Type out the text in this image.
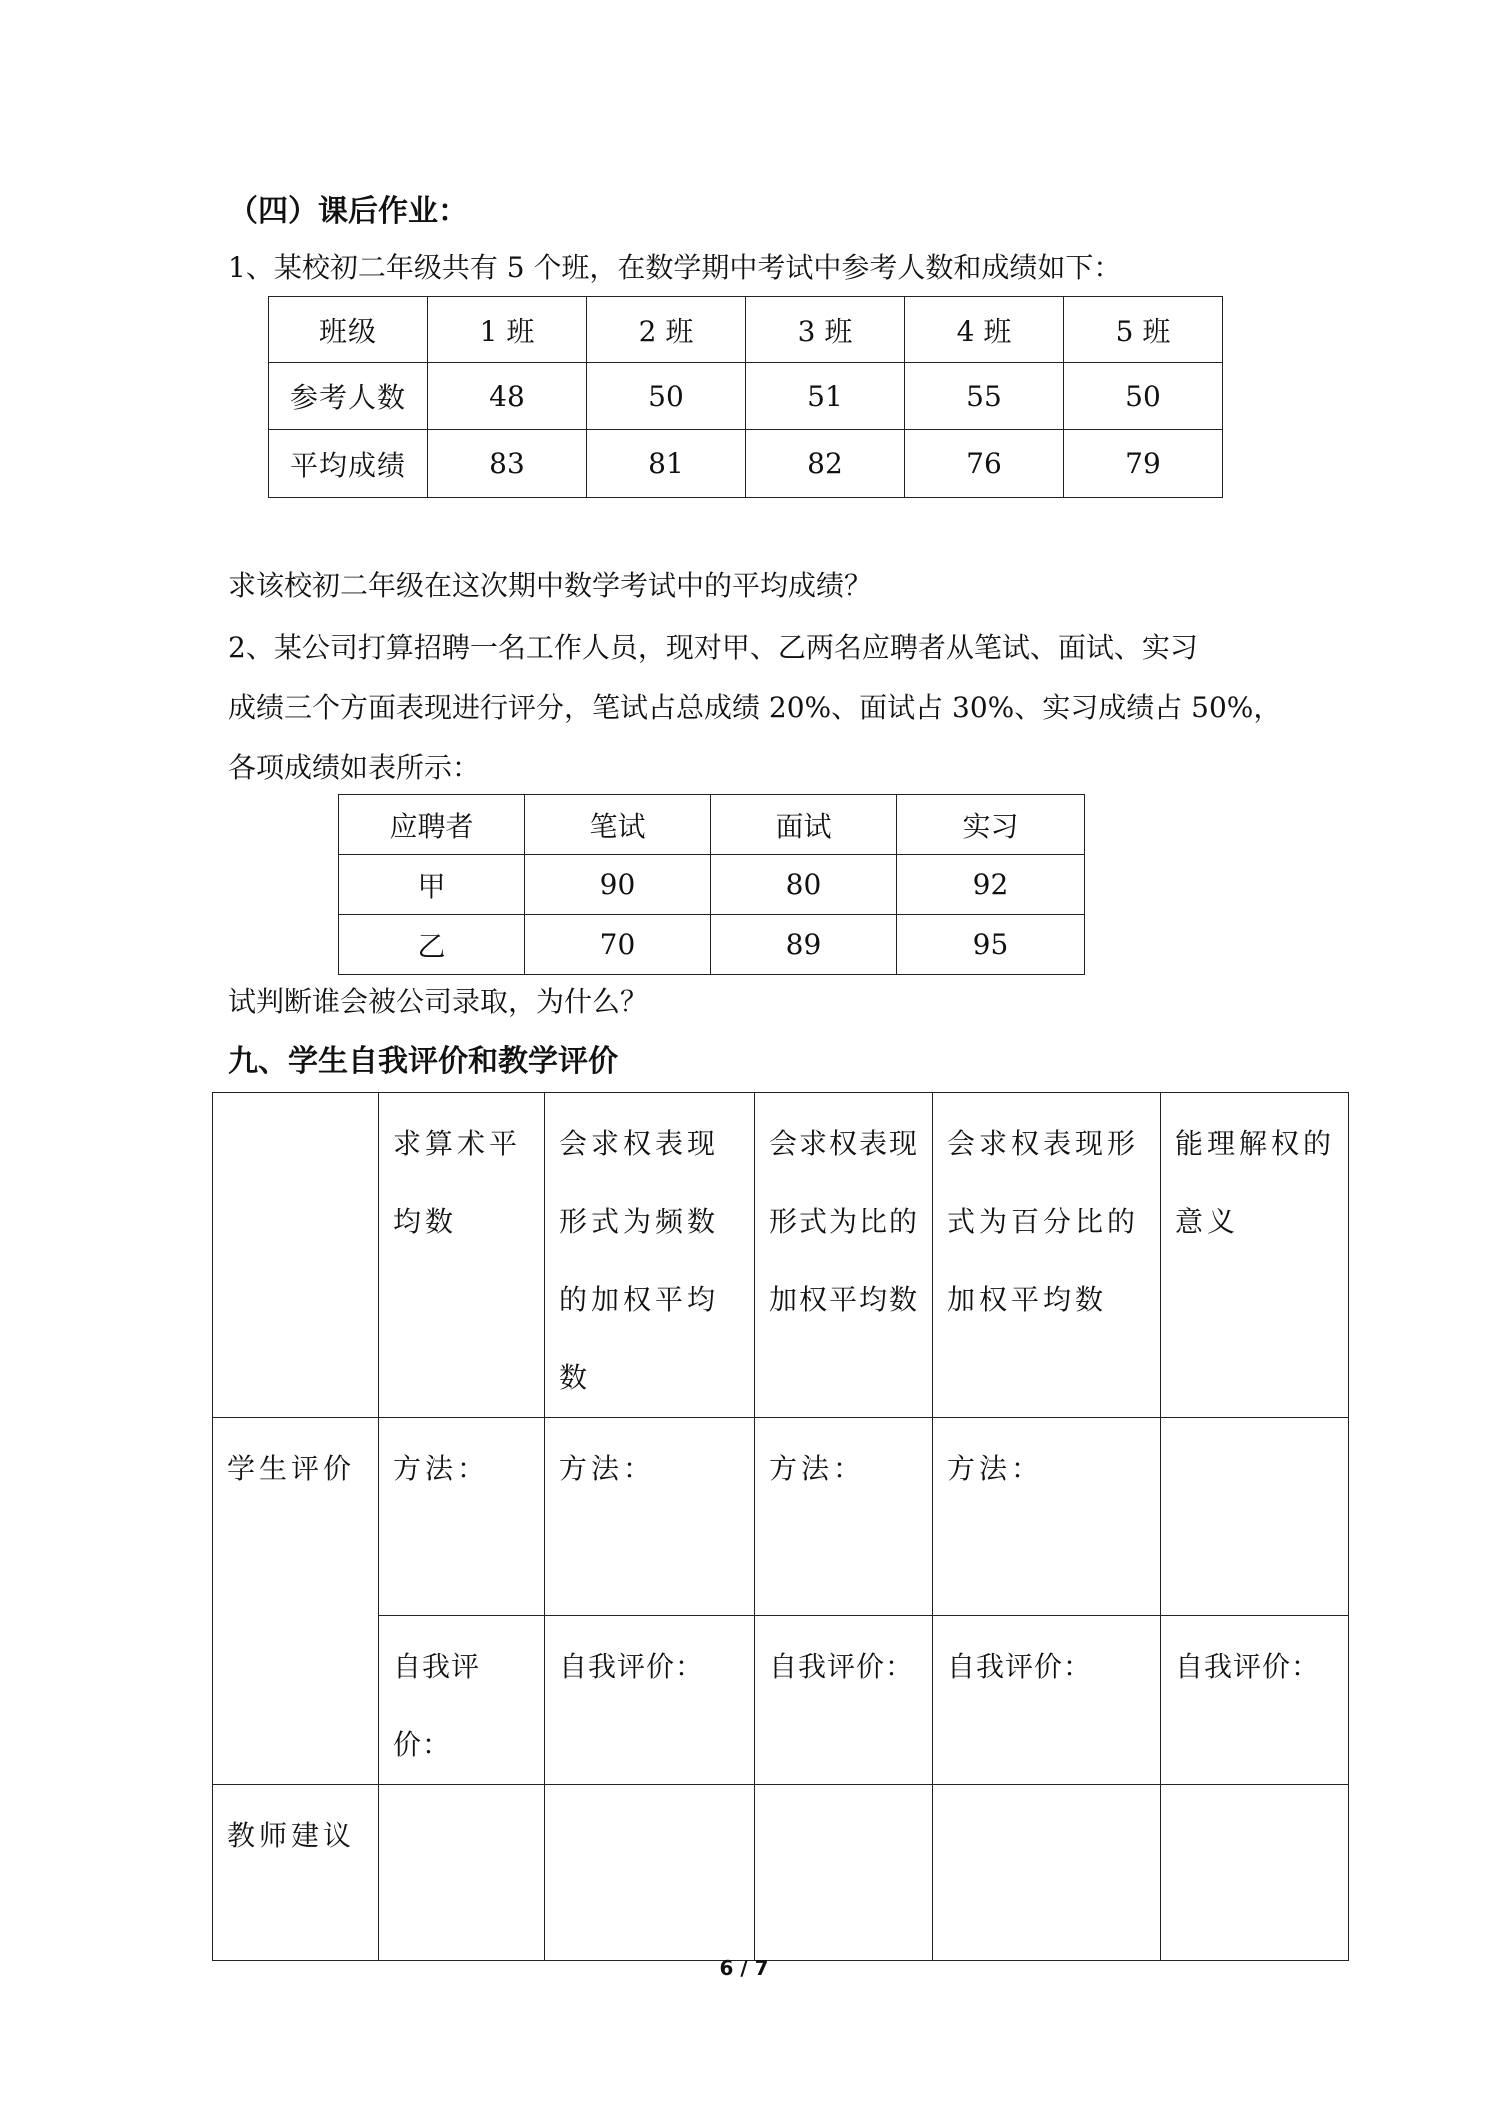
（四）课后作业：
1、某校初二年级共有 5 个班，在数学期中考试中参考人数和成绩如下：
班级	1 班	2 班	3 班	4 班	5 班
参考人数	48	50	51	55	50
平均成绩	83	81	82	76	79
求该校初二年级在这次期中数学考试中的平均成绩？
2、某公司打算招聘一名工作人员，现对甲、乙两名应聘者从笔试、面试、实习
成绩三个方面表现进行评分，笔试占总成绩 20%、面试占 30%、实习成绩占 50%，
各项成绩如表所示：
应聘者	笔试	面试	实习
甲	90	80	92
乙	70	89	95
试判断谁会被公司录取，为什么？
九、学生自我评价和教学评价
	求算术平均数	会求权表现形式为频数的加权平均数	会求权表现形式为比的加权平均数	会求权表现形式为百分比的加权平均数	能理解权的意义
学生评价	方法：	方法：	方法：	方法：	
	自我评价：	自我评价：	自我评价：	自我评价：	自我评价：
教师建议					
6 / 7
